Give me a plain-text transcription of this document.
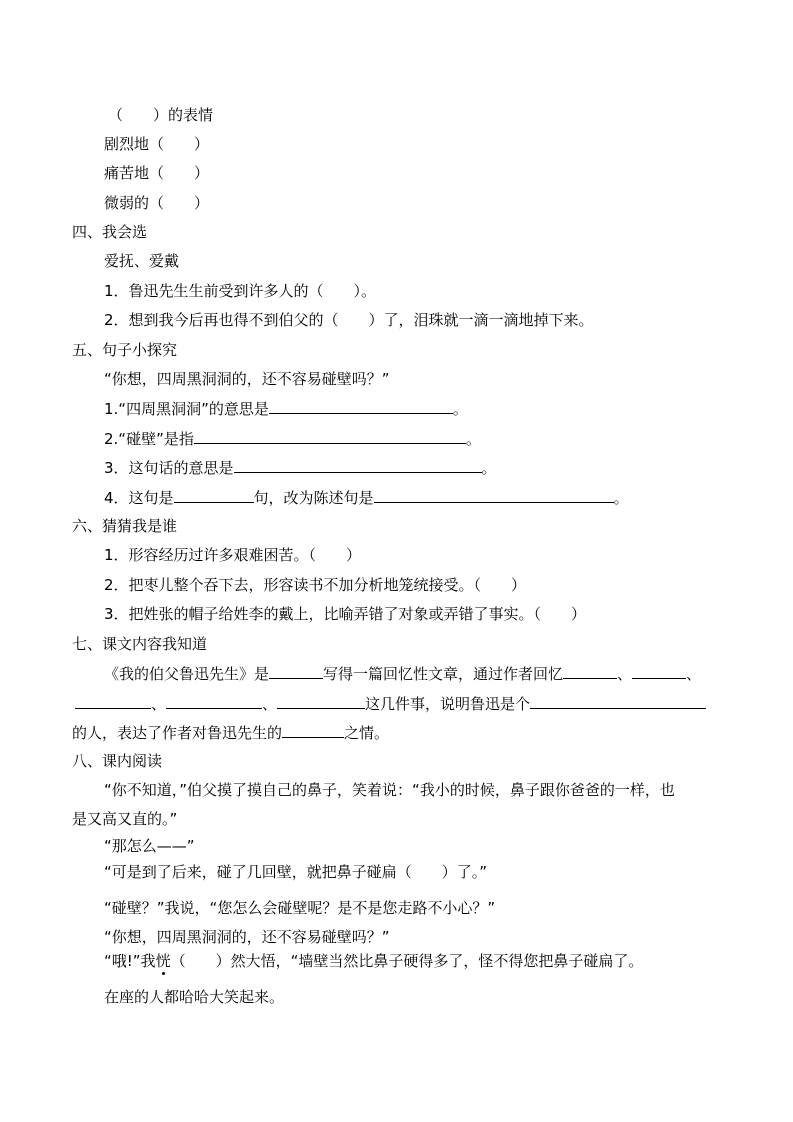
（　　）的表情
剧烈地（　　）
痛苦地（　　）
微弱的（　　）
四、我会选
爱抚、爱戴
1．鲁迅先生生前受到许多人的（　　）。
2．想到我今后再也得不到伯父的（　　）了，泪珠就一滴一滴地掉下来。
五、句子小探究
“你想，四周黑洞洞的，还不容易碰壁吗？”
1.“四周黑洞洞”的意思是	。
2.“碰壁”是指	。
3．这句话的意思是	。
4．这句是	句，改为陈述句是	。
六、猜猜我是谁
1．形容经历过许多艰难困苦。（　　）
2．把枣儿整个吞下去，形容读书不加分析地笼统接受。（　　）
3．把姓张的帽子给姓李的戴上，比喻弄错了对象或弄错了事实。（　　）
七、课文内容我知道
《我的伯父鲁迅先生》是	写得一篇回忆性文章，通过作者回忆	、	、
、	、	这几件事，说明鲁迅是个
的人，表达了作者对鲁迅先生的	之情。
八、课内阅读
“你不知道，”伯父摸了摸自己的鼻子，笑着说：“我小的时候，鼻子跟你爸爸的一样，也
是又高又直的。”
“那怎么——”
“可是到了后来，碰了几回壁，就把鼻子碰扁（　　）了。”
“碰壁？”我说，“您怎么会碰壁呢？是不是您走路不小心？”
“你想，四周黑洞洞的，还不容易碰壁吗？”
“哦!”我恍（　　）然大悟，“墙壁当然比鼻子硬得多了，怪不得您把鼻子碰扁了。
在座的人都哈哈大笑起来。
